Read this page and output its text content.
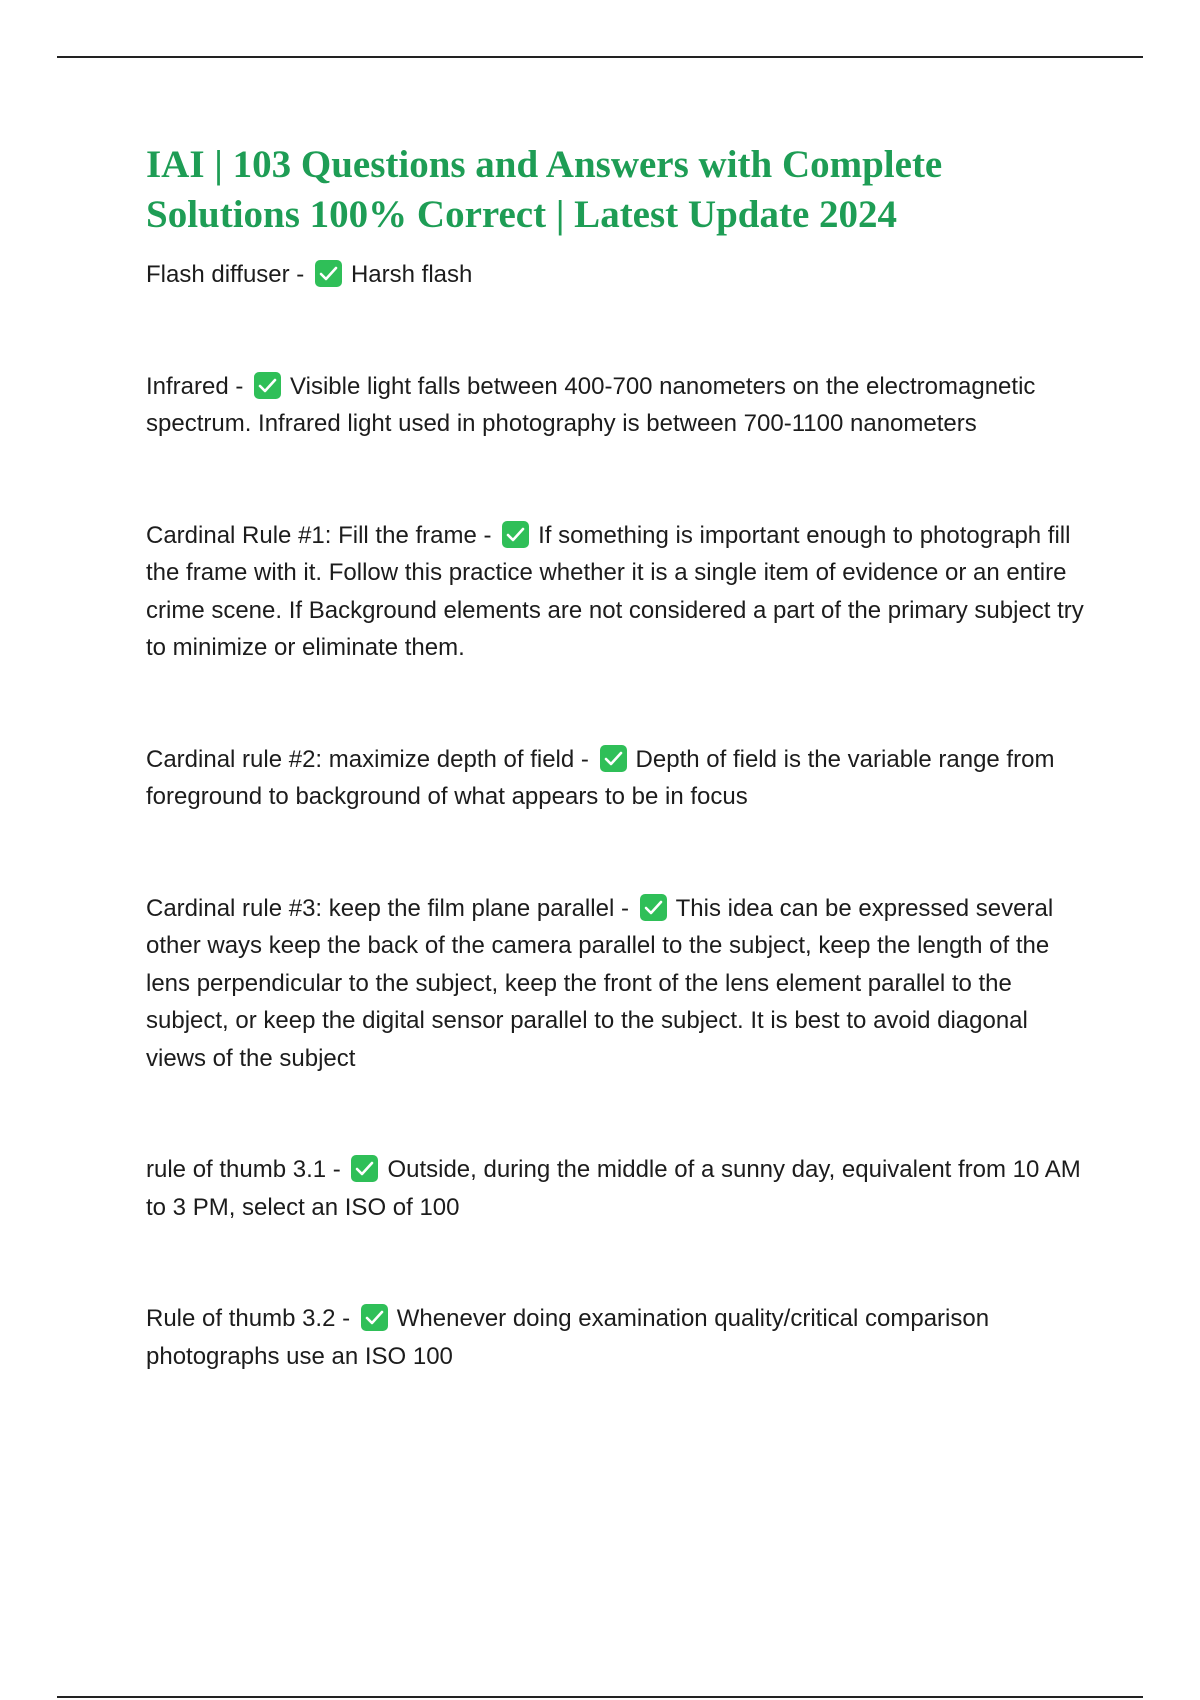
IAI | 103 Questions and Answers with Complete Solutions 100% Correct | Latest Update 2024

Flash diffuser - Harsh flash

Infrared - Visible light falls between 400-700 nanometers on the electromagnetic spectrum. Infrared light used in photography is between 700-1100 nanometers

Cardinal Rule #1: Fill the frame - If something is important enough to photograph fill the frame with it. Follow this practice whether it is a single item of evidence or an entire crime scene. If Background elements are not considered a part of the primary subject try to minimize or eliminate them.

Cardinal rule #2: maximize depth of field - Depth of field is the variable range from foreground to background of what appears to be in focus

Cardinal rule #3: keep the film plane parallel - This idea can be expressed several other ways keep the back of the camera parallel to the subject, keep the length of the lens perpendicular to the subject, keep the front of the lens element parallel to the subject, or keep the digital sensor parallel to the subject. It is best to avoid diagonal views of the subject

rule of thumb 3.1 - Outside, during the middle of a sunny day, equivalent from 10 AM to 3 PM, select an ISO of 100

Rule of thumb 3.2 - Whenever doing examination quality/critical comparison photographs use an ISO 100
